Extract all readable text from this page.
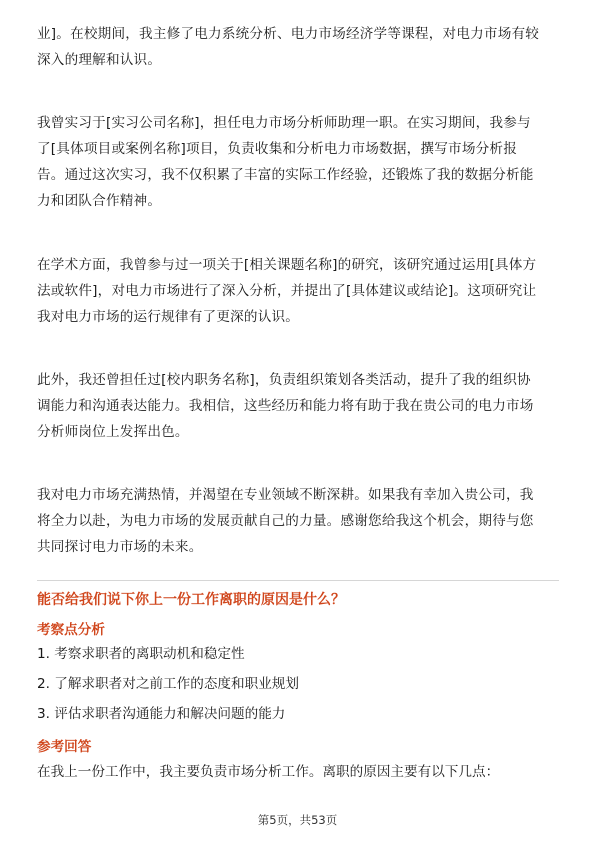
业]。在校期间，我主修了电力系统分析、电力市场经济学等课程，对电力市场有较
深入的理解和认识。

我曾实习于[实习公司名称]，担任电力市场分析师助理一职。在实习期间，我参与
了[具体项目或案例名称]项目，负责收集和分析电力市场数据，撰写市场分析报
告。通过这次实习，我不仅积累了丰富的实际工作经验，还锻炼了我的数据分析能
力和团队合作精神。

在学术方面，我曾参与过一项关于[相关课题名称]的研究，该研究通过运用[具体方
法或软件]，对电力市场进行了深入分析，并提出了[具体建议或结论]。这项研究让
我对电力市场的运行规律有了更深的认识。

此外，我还曾担任过[校内职务名称]，负责组织策划各类活动，提升了我的组织协
调能力和沟通表达能力。我相信，这些经历和能力将有助于我在贵公司的电力市场
分析师岗位上发挥出色。

我对电力市场充满热情，并渴望在专业领域不断深耕。如果我有幸加入贵公司，我
将全力以赴，为电力市场的发展贡献自己的力量。感谢您给我这个机会，期待与您
共同探讨电力市场的未来。

能否给我们说下你上一份工作离职的原因是什么？

考察点分析

1. 考察求职者的离职动机和稳定性

2. 了解求职者对之前工作的态度和职业规划

3. 评估求职者沟通能力和解决问题的能力

参考回答

在我上一份工作中，我主要负责市场分析工作。离职的原因主要有以下几点：

第5页，共53页
